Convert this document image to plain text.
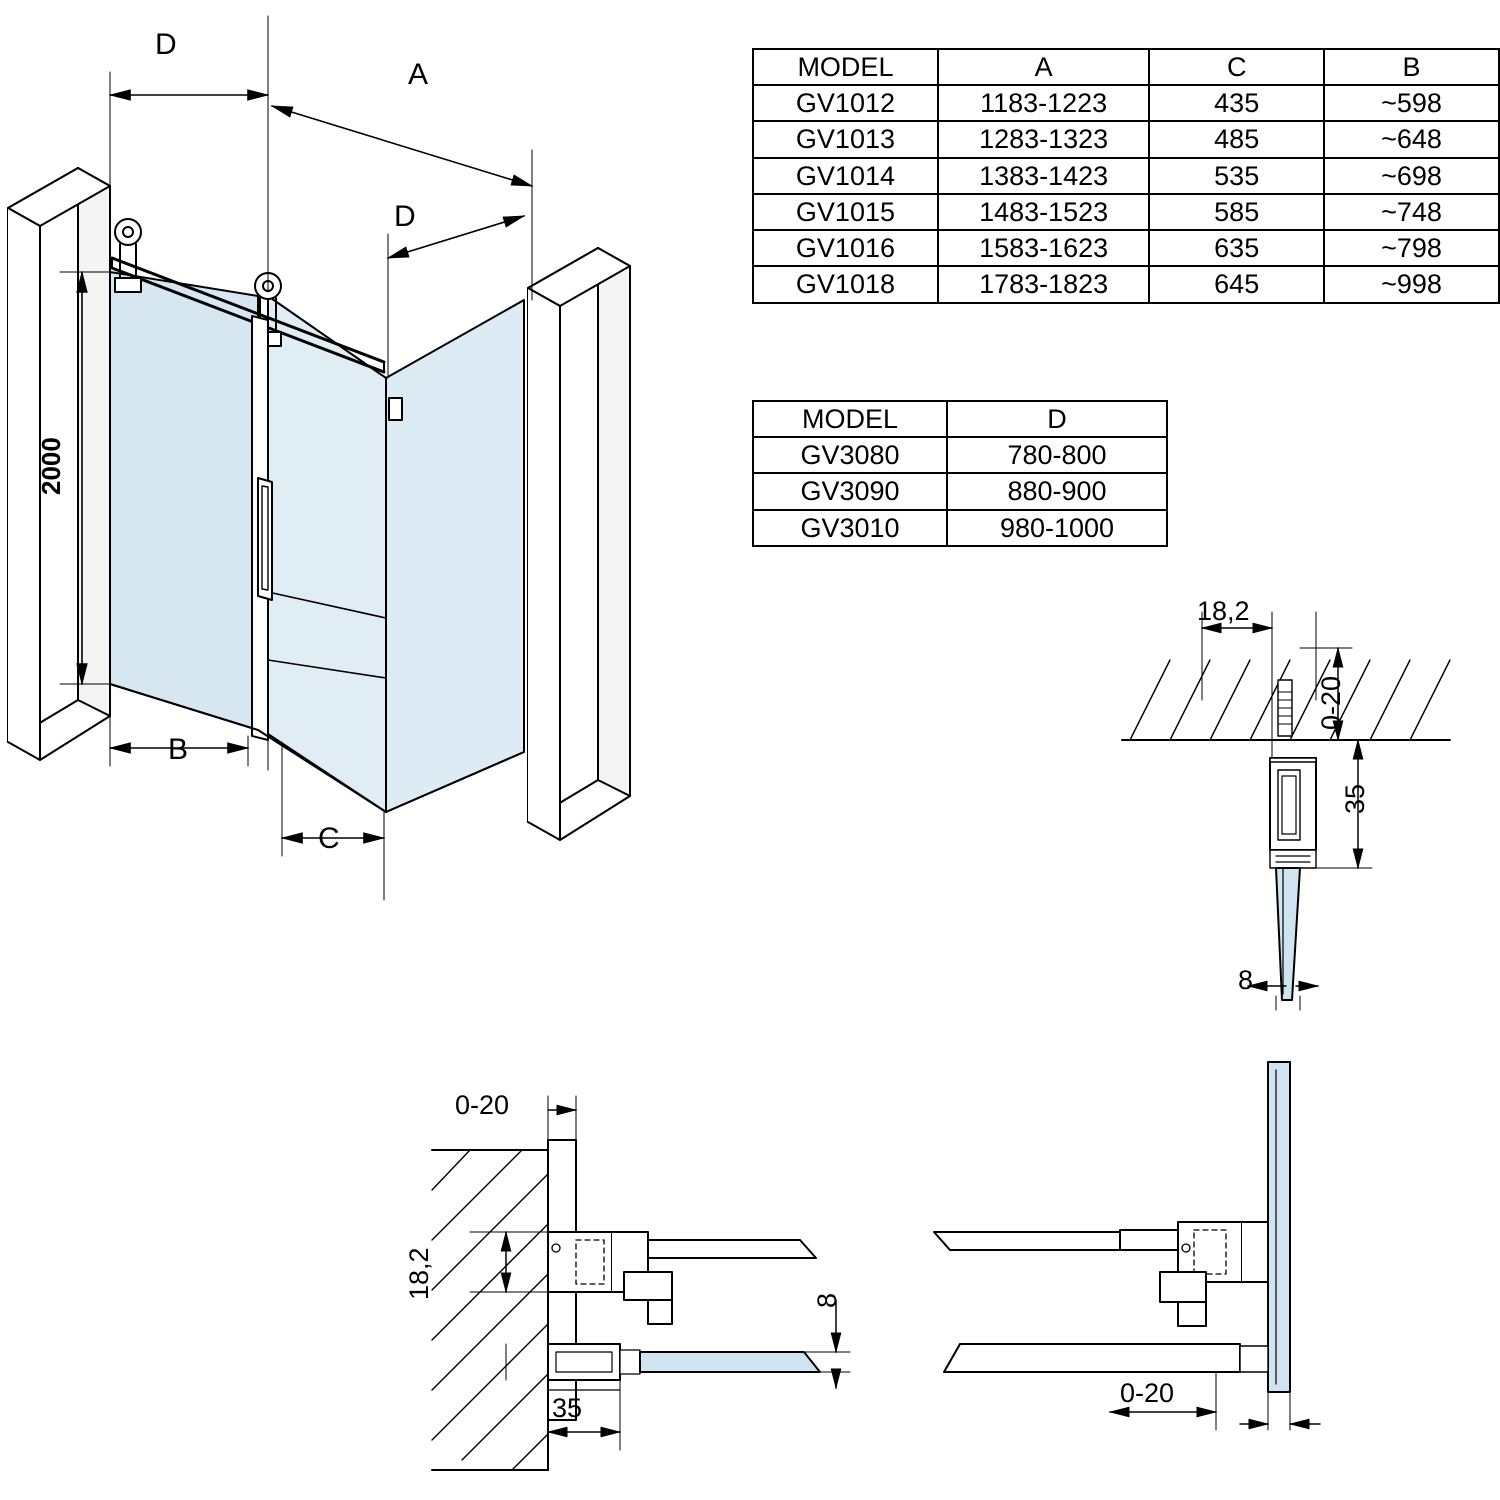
MODEL	A	C	B
GV1012	1183-1223	435	~598
GV1013	1283-1323	485	~648
GV1014	1383-1423	535	~698
GV1015	1483-1523	585	~748
GV1016	1583-1623	635	~798
GV1018	1783-1823	645	~998
MODEL	D
GV3080	780-800
GV3090	880-900
GV3010	980-1000
D
A
D
2000
B
C
18,2
0-20
35
8
0-20
18,2
8
35	0-20
